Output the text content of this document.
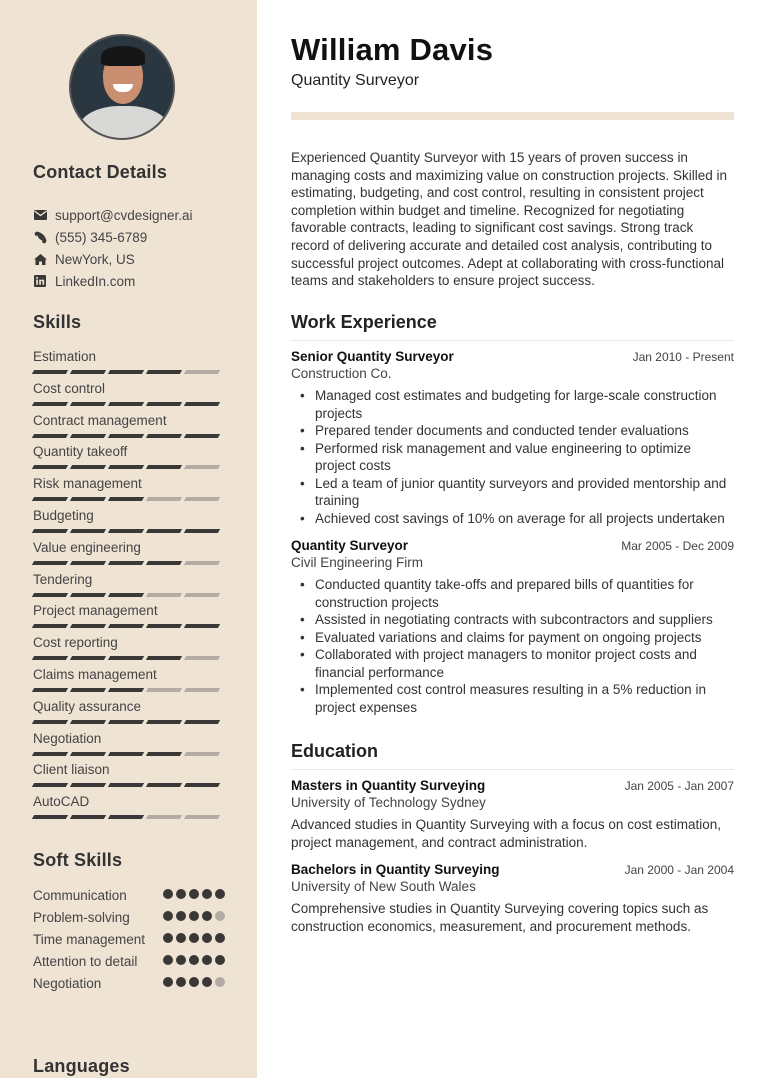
Contact Details
support@cvdesigner.ai
(555) 345-6789
NewYork, US
LinkedIn.com
Skills
Estimation
Cost control
Contract management
Quantity takeoff
Risk management
Budgeting
Value engineering
Tendering
Project management
Cost reporting
Claims management
Quality assurance
Negotiation
Client liaison
AutoCAD
Soft Skills
Communication
Problem-solving
Time management
Attention to detail
Negotiation
Languages
William Davis
Quantity Surveyor

Experienced Quantity Surveyor with 15 years of proven success in managing costs and maximizing value on construction projects. Skilled in estimating, budgeting, and cost control, resulting in consistent project completion within budget and timeline. Recognized for negotiating favorable contracts, leading to significant cost savings. Strong track record of delivering accurate and detailed cost analysis, contributing to successful project outcomes. Adept at collaborating with cross-functional teams and stakeholders to ensure project success.

Work Experience
Senior Quantity Surveyor	Jan 2010 - Present
Construction Co.
• Managed cost estimates and budgeting for large-scale construction projects
• Prepared tender documents and conducted tender evaluations
• Performed risk management and value engineering to optimize project costs
• Led a team of junior quantity surveyors and provided mentorship and training
• Achieved cost savings of 10% on average for all projects undertaken
Quantity Surveyor	Mar 2005 - Dec 2009
Civil Engineering Firm
• Conducted quantity take-offs and prepared bills of quantities for construction projects
• Assisted in negotiating contracts with subcontractors and suppliers
• Evaluated variations and claims for payment on ongoing projects
• Collaborated with project managers to monitor project costs and financial performance
• Implemented cost control measures resulting in a 5% reduction in project expenses
Education
Masters in Quantity Surveying	Jan 2005 - Jan 2007
University of Technology Sydney

Advanced studies in Quantity Surveying with a focus on cost estimation, project management, and contract administration.

Bachelors in Quantity Surveying	Jan 2000 - Jan 2004
University of New South Wales

Comprehensive studies in Quantity Surveying covering topics such as construction economics, measurement, and procurement methods.
